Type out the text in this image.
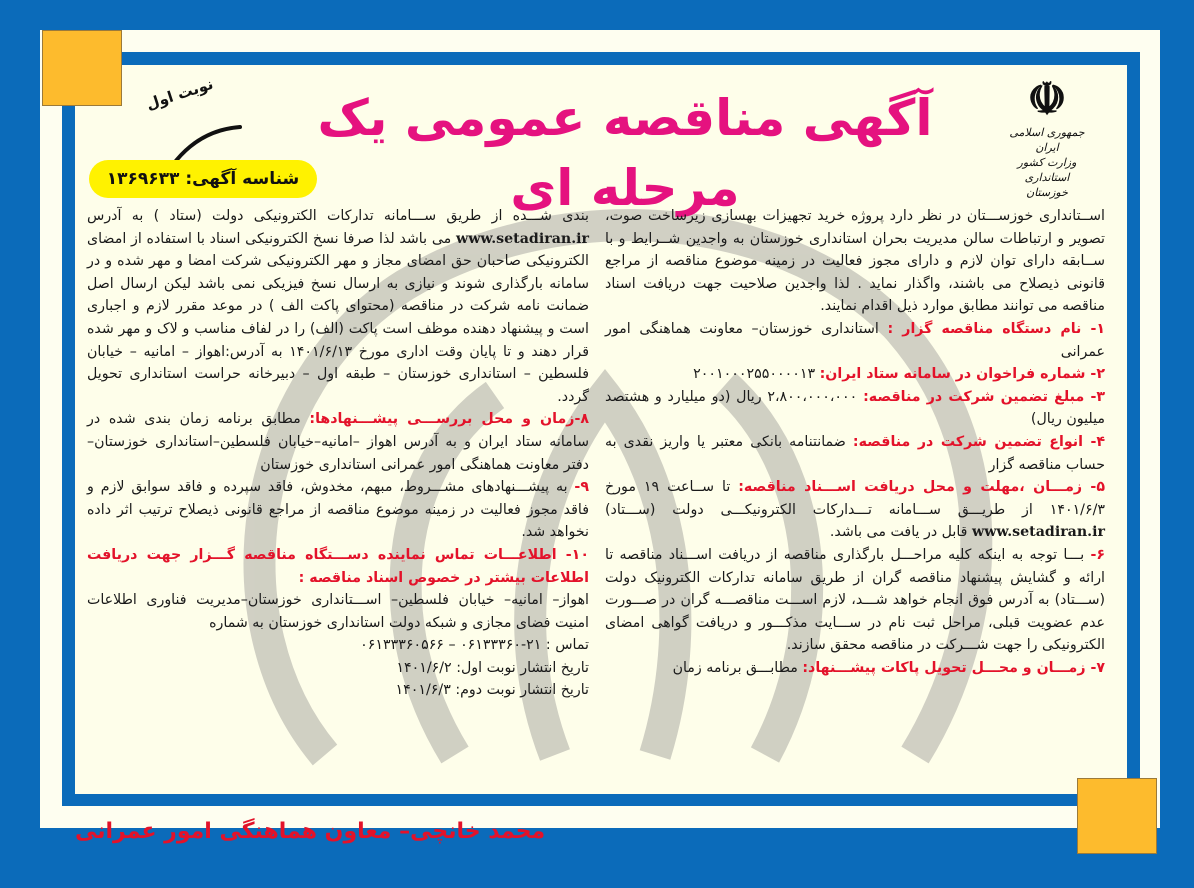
☫
جمهوری اسلامی ایران
وزارت کشور
استانداری خوزستان
آگهی مناقصه عمومی یک مرحله ای
نوبت اول
شناسه آگهی: ۱۳۶۹۶۳۳

اســتانداری خوزســـتان در نظر دارد پروژه خرید تجهیزات بهسازی زیرساخت صوت، تصویر و ارتباطات سالن مدیریت بحران استانداری خوزستان به واجدین شــرایط و با ســابقه دارای توان لازم و دارای مجوز فعالیت در زمینه موضوع مناقصه از مراجع قانونی ذیصلاح می باشند، واگذار نماید . لذا واجدین صلاحیت جهت دریافت اسناد مناقصه می توانند مطابق موارد ذیل اقدام نمایند.

۱- نام دستگاه مناقصه گزار : استانداری خوزستان– معاونت هماهنگی امور عمرانی

۲- شماره فراخوان در سامانه ستاد ایران: ۲۰۰۱۰۰۰۲۵۵۰۰۰۰۱۳

۳- مبلغ تضمین شرکت در مناقصه: ۲،۸۰۰،۰۰۰،۰۰۰ ریال (دو میلیارد و هشتصد میلیون ریال)

۴- انواع تضمین شرکت در مناقصه: ضمانتنامه بانکی معتبر یا واریز نقدی به حساب مناقصه گزار

۵- زمـــان ،مهلت و محل دریافت اســـناد مناقصه: تا ســاعت ۱۹ مورخ ۱۴۰۱/۶/۳ از طریـــق ســـامانه تـــدارکات الکترونیکـــی دولت (ســـتاد) www.setadiran.ir قابل در یافت می باشد.

۶- بـــا توجه به اینکه کلیه مراحـــل بارگذاری مناقصه از دریافت اســـناد مناقصه تا ارائه و گشایش پیشنهاد مناقصه گران از طریق سامانه تدارکات الکترونیک دولت (ســـتاد) به آدرس فوق انجام خواهد شـــد، لازم اســـت مناقصـــه گران در صـــورت عدم عضویت قبلی، مراحل ثبت نام در ســـایت مذکـــور و دریافت گواهی امضای الکترونیکی را جهت شـــرکت در مناقصه محقق سازند.

۷- زمـــان و محـــل تحویل پاکات پیشـــنهاد: مطابـــق برنامه زمان

بندی شـــده از طریق ســـامانه تدارکات الکترونیکی دولت (ستاد ) به آدرس www.setadiran.ir می باشد لذا صرفا نسخ الکترونیکی اسناد با استفاده از امضای الکترونیکی صاحبان حق امضای مجاز و مهر الکترونیکی شرکت امضا و مهر شده و در سامانه بارگذاری شوند و نیازی به ارسال نسخ فیزیکی نمی باشد لیکن ارسال اصل ضمانت نامه شرکت در مناقصه (محتوای پاکت الف ) در موعد مقرر لازم و اجباری است و پیشنهاد دهنده موظف است پاکت (الف) را در لفاف مناسب و لاک و مهر شده قرار دهند و تا پایان وقت اداری مورخ ۱۴۰۱/۶/۱۳ به آدرس:اهواز – امانیه – خیابان فلسطین – استانداری خوزستان – طبقه اول – دبیرخانه حراست استانداری تحویل گردد.

۸-زمان و محل بررســـی پیشـــنهادها: مطابق برنامه زمان بندی شده در سامانه ستاد ایران و به آدرس اهواز –امانیه–خیابان فلسطین–استانداری خوزستان– دفتر معاونت هماهنگی امور عمرانی استانداری خوزستان

۹- به پیشـــنهادهای مشـــروط، مبهم، مخدوش، فاقد سپرده و فاقد سوابق لازم و فاقد مجوز فعالیت در زمینه موضوع مناقصه از مراجع قانونی ذیصلاح ترتیب اثر داده نخواهد شد.

۱۰- اطلاعـــات تماس نماینده دســـتگاه مناقصه گـــزار جهت دریافت اطلاعات بیشتر در خصوص اسناد مناقصه :

اهواز– امانیه– خیابان فلسطین– اســـتانداری خوزستان–مدیریت فناوری اطلاعات امنیت فضای مجازی و شبکه دولت استانداری خوزستان به شماره

تماس : ۲۱-۰۶۱۳۳۳۶۰ – ۰۶۱۳۳۳۶۰۵۶۶

تاریخ انتشار نوبت اول: ۱۴۰۱/۶/۲

تاریخ انتشار نوبت دوم: ۱۴۰۱/۶/۳

محمد خانچی– معاون هماهنگی امور عمرانی
